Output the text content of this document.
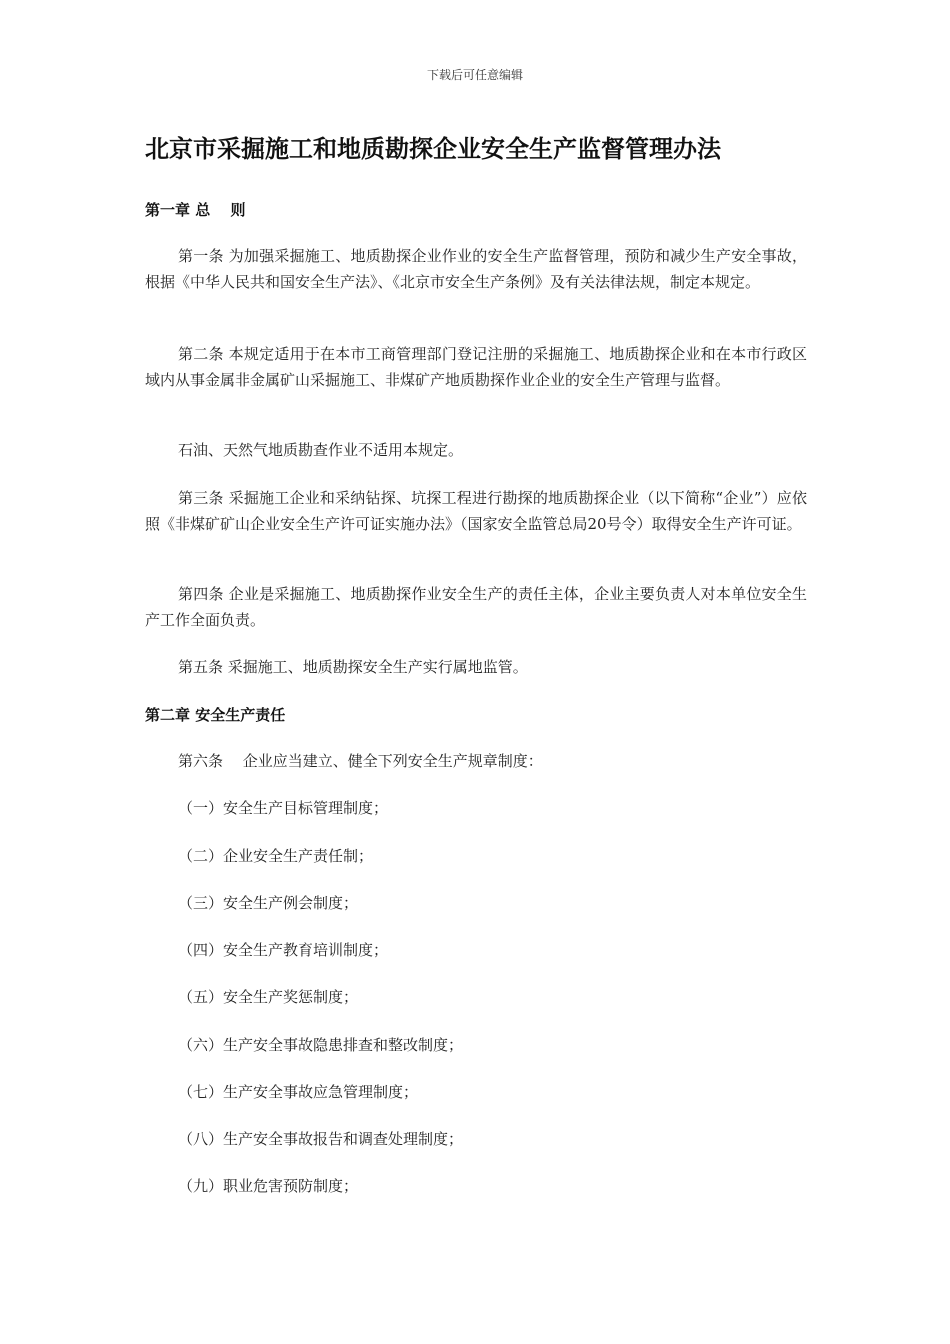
下载后可任意编辑
北京市采掘施工和地质勘探企业安全生产监督管理办法

第一章 总　 则

第一条 为加强采掘施工、地质勘探企业作业的安全生产监督管理，预防和减少生产安全事故，根据《中华人民共和国安全生产法》、《北京市安全生产条例》及有关法律法规，制定本规定。

第二条 本规定适用于在本市工商管理部门登记注册的采掘施工、地质勘探企业和在本市行政区域内从事金属非金属矿山采掘施工、非煤矿产地质勘探作业企业的安全生产管理与监督。

石油、天然气地质勘查作业不适用本规定。

第三条 采掘施工企业和采纳钻探、坑探工程进行勘探的地质勘探企业（以下简称“企业”）应依照《非煤矿矿山企业安全生产许可证实施办法》（国家安全监管总局20号令）取得安全生产许可证。

第四条 企业是采掘施工、地质勘探作业安全生产的责任主体，企业主要负责人对本单位安全生产工作全面负责。

第五条 采掘施工、地质勘探安全生产实行属地监管。

第二章 安全生产责任

第六条　 企业应当建立、健全下列安全生产规章制度：

（一）安全生产目标管理制度；

（二）企业安全生产责任制；

（三）安全生产例会制度；

（四）安全生产教育培训制度；

（五）安全生产奖惩制度；

（六）生产安全事故隐患排查和整改制度；

（七）生产安全事故应急管理制度；

（八）生产安全事故报告和调查处理制度；

（九）职业危害预防制度；
